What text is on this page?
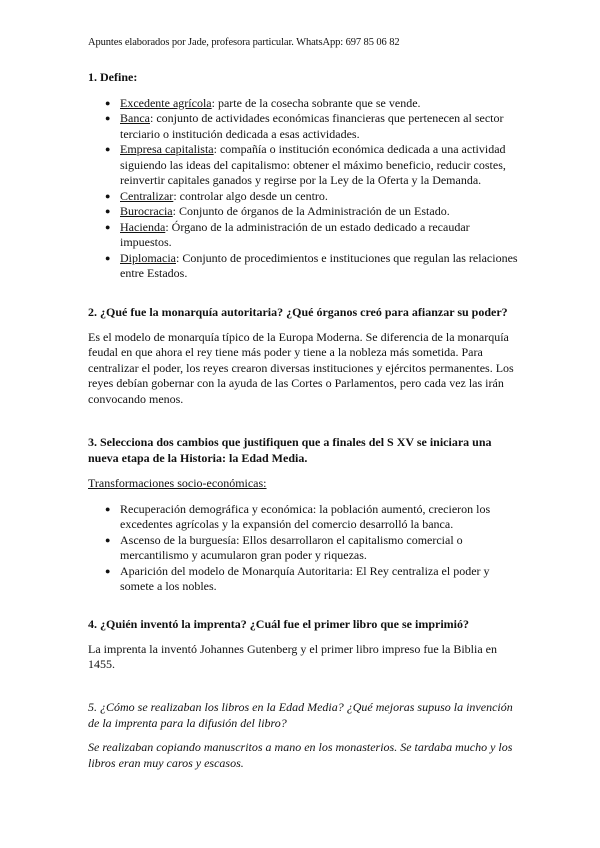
Apuntes elaborados por Jade, profesora particular. WhatsApp: 697 85 06 82
1. Define:
● Excedente agrícola: parte de la cosecha sobrante que se vende.
● Banca: conjunto de actividades económicas financieras que pertenecen al sector terciario o institución dedicada a esas actividades.
● Empresa capitalista: compañía o institución económica dedicada a una actividad siguiendo las ideas del capitalismo: obtener el máximo beneficio, reducir costes, reinvertir capitales ganados y regirse por la Ley de la Oferta y la Demanda.
● Centralizar: controlar algo desde un centro.
● Burocracia: Conjunto de órganos de la Administración de un Estado.
● Hacienda: Órgano de la administración de un estado dedicado a recaudar impuestos.
● Diplomacia: Conjunto de procedimientos e instituciones que regulan las relaciones entre Estados.
2. ¿Qué fue la monarquía autoritaria? ¿Qué órganos creó para afianzar su poder?

Es el modelo de monarquía típico de la Europa Moderna. Se diferencia de la monarquía feudal en que ahora el rey tiene más poder y tiene a la nobleza más sometida. Para centralizar el poder, los reyes crearon diversas instituciones y ejércitos permanentes. Los reyes debían gobernar con la ayuda de las Cortes o Parlamentos, pero cada vez las irán convocando menos.

3. Selecciona dos cambios que justifiquen que a finales del S XV se iniciara una nueva etapa de la Historia: la Edad Media.

Transformaciones socio-económicas:

● Recuperación demográfica y económica: la población aumentó, crecieron los excedentes agrícolas y la expansión del comercio desarrolló la banca.
● Ascenso de la burguesía: Ellos desarrollaron el capitalismo comercial o mercantilismo y acumularon gran poder y riquezas.
● Aparición del modelo de Monarquía Autoritaria: El Rey centraliza el poder y somete a los nobles.
4. ¿Quién inventó la imprenta? ¿Cuál fue el primer libro que se imprimió?

La imprenta la inventó Johannes Gutenberg y el primer libro impreso fue la Biblia en 1455.

5. ¿Cómo se realizaban los libros en la Edad Media? ¿Qué mejoras supuso la invención de la imprenta para la difusión del libro?

Se realizaban copiando manuscritos a mano en los monasterios. Se tardaba mucho y los libros eran muy caros y escasos.
